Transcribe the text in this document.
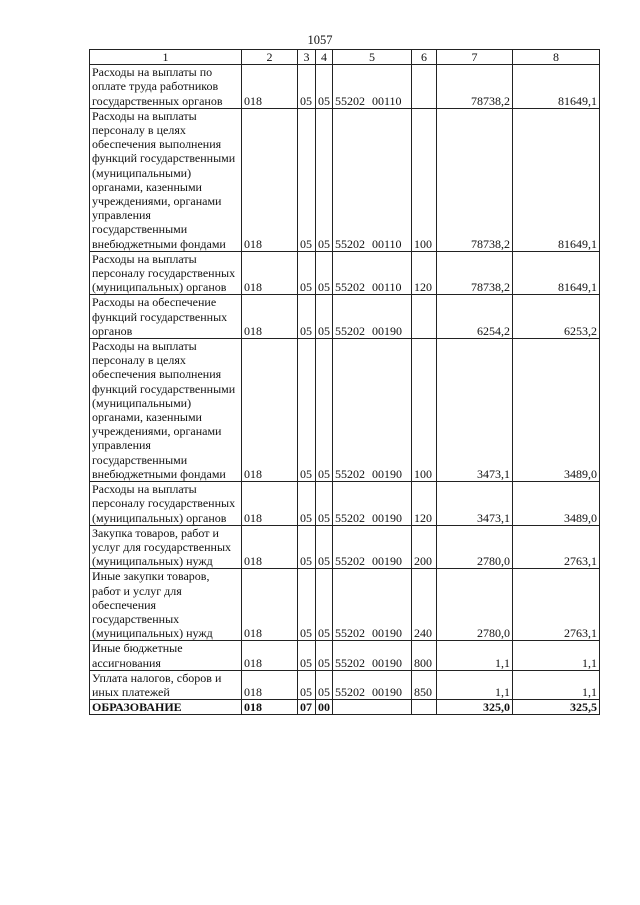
1057
1	2	3	4	5	6	7	8
Расходы на выплаты по оплате труда работников государственных органов	018	05	05	55202 00110		78738,2	81649,1
Расходы на выплаты персоналу в целях обеспечения выполнения функций государственными (муниципальными) органами, казенными учреждениями, органами управления государственными внебюджетными фондами	018	05	05	55202 00110	100	78738,2	81649,1
Расходы на выплаты персоналу государственных (муниципальных) органов	018	05	05	55202 00110	120	78738,2	81649,1
Расходы на обеспечение функций государственных органов	018	05	05	55202 00190		6254,2	6253,2
Расходы на выплаты персоналу в целях обеспечения выполнения функций государственными (муниципальными) органами, казенными учреждениями, органами управления государственными внебюджетными фондами	018	05	05	55202 00190	100	3473,1	3489,0
Расходы на выплаты персоналу государственных (муниципальных) органов	018	05	05	55202 00190	120	3473,1	3489,0
Закупка товаров, работ и услуг для государственных (муниципальных) нужд	018	05	05	55202 00190	200	2780,0	2763,1
Иные закупки товаров, работ и услуг для обеспечения государственных (муниципальных) нужд	018	05	05	55202 00190	240	2780,0	2763,1
Иные бюджетные ассигнования	018	05	05	55202 00190	800	1,1	1,1
Уплата налогов, сборов и иных платежей	018	05	05	55202 00190	850	1,1	1,1
ОБРАЗОВАНИЕ	018	07	00			325,0	325,5
